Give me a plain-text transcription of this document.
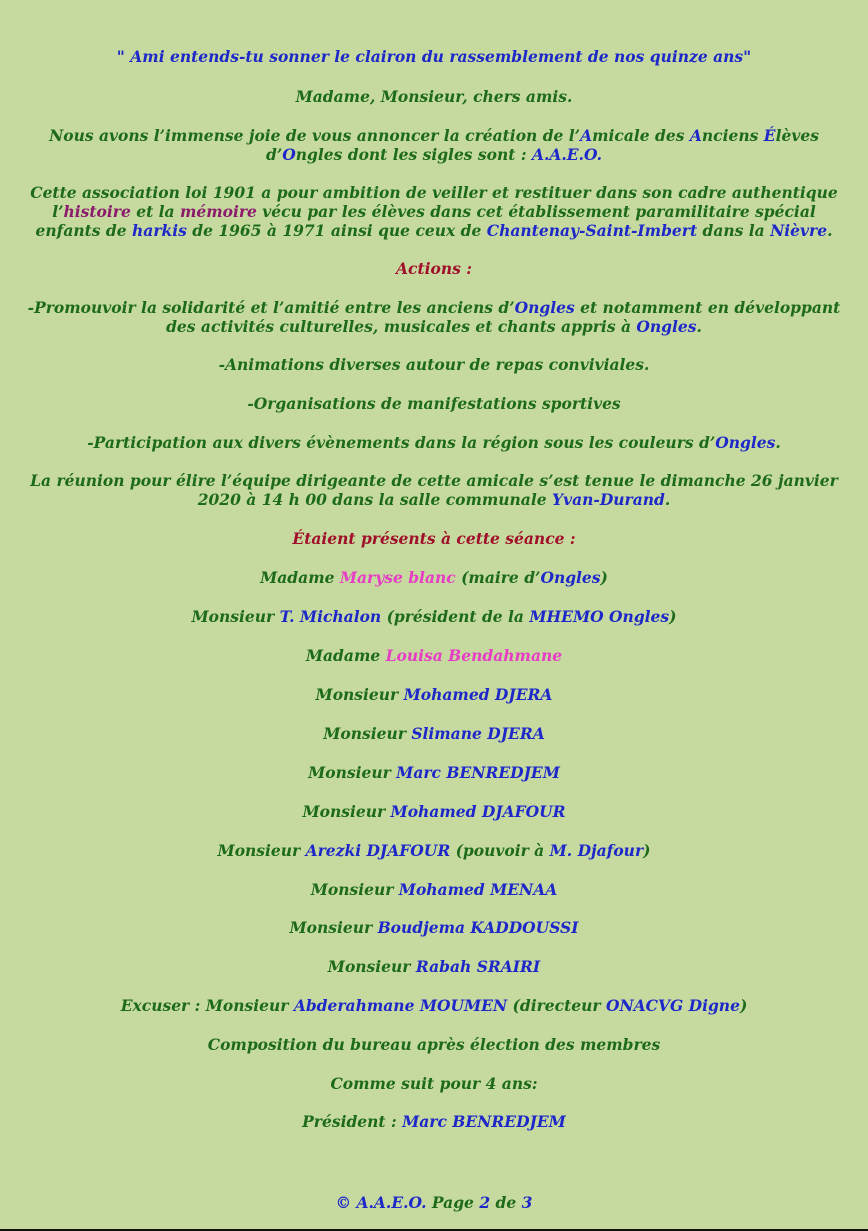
" Ami entends-tu sonner le clairon du rassemblement de nos quinze ans"
Madame, Monsieur, chers amis.
Nous avons l’immense joie de vous annoncer la création de l’Amicale des Anciens Élèves
d’Ongles dont les sigles sont : A.A.E.O.
Cette association loi 1901 a pour ambition de veiller et restituer dans son cadre authentique
l’histoire et la mémoire vécu par les élèves dans cet établissement paramilitaire spécial
enfants de harkis de 1965 à 1971 ainsi que ceux de Chantenay-Saint-Imbert dans la Nièvre.
Actions :
-Promouvoir la solidarité et l’amitié entre les anciens d’Ongles et notamment en développant
des activités culturelles, musicales et chants appris à Ongles.
-Animations diverses autour de repas conviviales.
-Organisations de manifestations sportives
-Participation aux divers évènements dans la région sous les couleurs d’Ongles.
La réunion pour élire l’équipe dirigeante de cette amicale s’est tenue le dimanche 26 janvier
2020 à 14 h 00 dans la salle communale Yvan-Durand.
Étaient présents à cette séance :
Madame Maryse blanc (maire d’Ongles)
Monsieur T. Michalon (président de la MHEMO Ongles)
Madame Louisa Bendahmane
Monsieur Mohamed DJERA
Monsieur Slimane DJERA
Monsieur Marc BENREDJEM
Monsieur Mohamed DJAFOUR
Monsieur Arezki DJAFOUR (pouvoir à M. Djafour)
Monsieur Mohamed MENAA
Monsieur Boudjema KADDOUSSI
Monsieur Rabah SRAIRI
Excuser : Monsieur Abderahmane MOUMEN (directeur ONACVG Digne)
Composition du bureau après élection des membres
Comme suit pour 4 ans:
Président : Marc BENREDJEM
© A.A.E.O. Page 2 de 3
